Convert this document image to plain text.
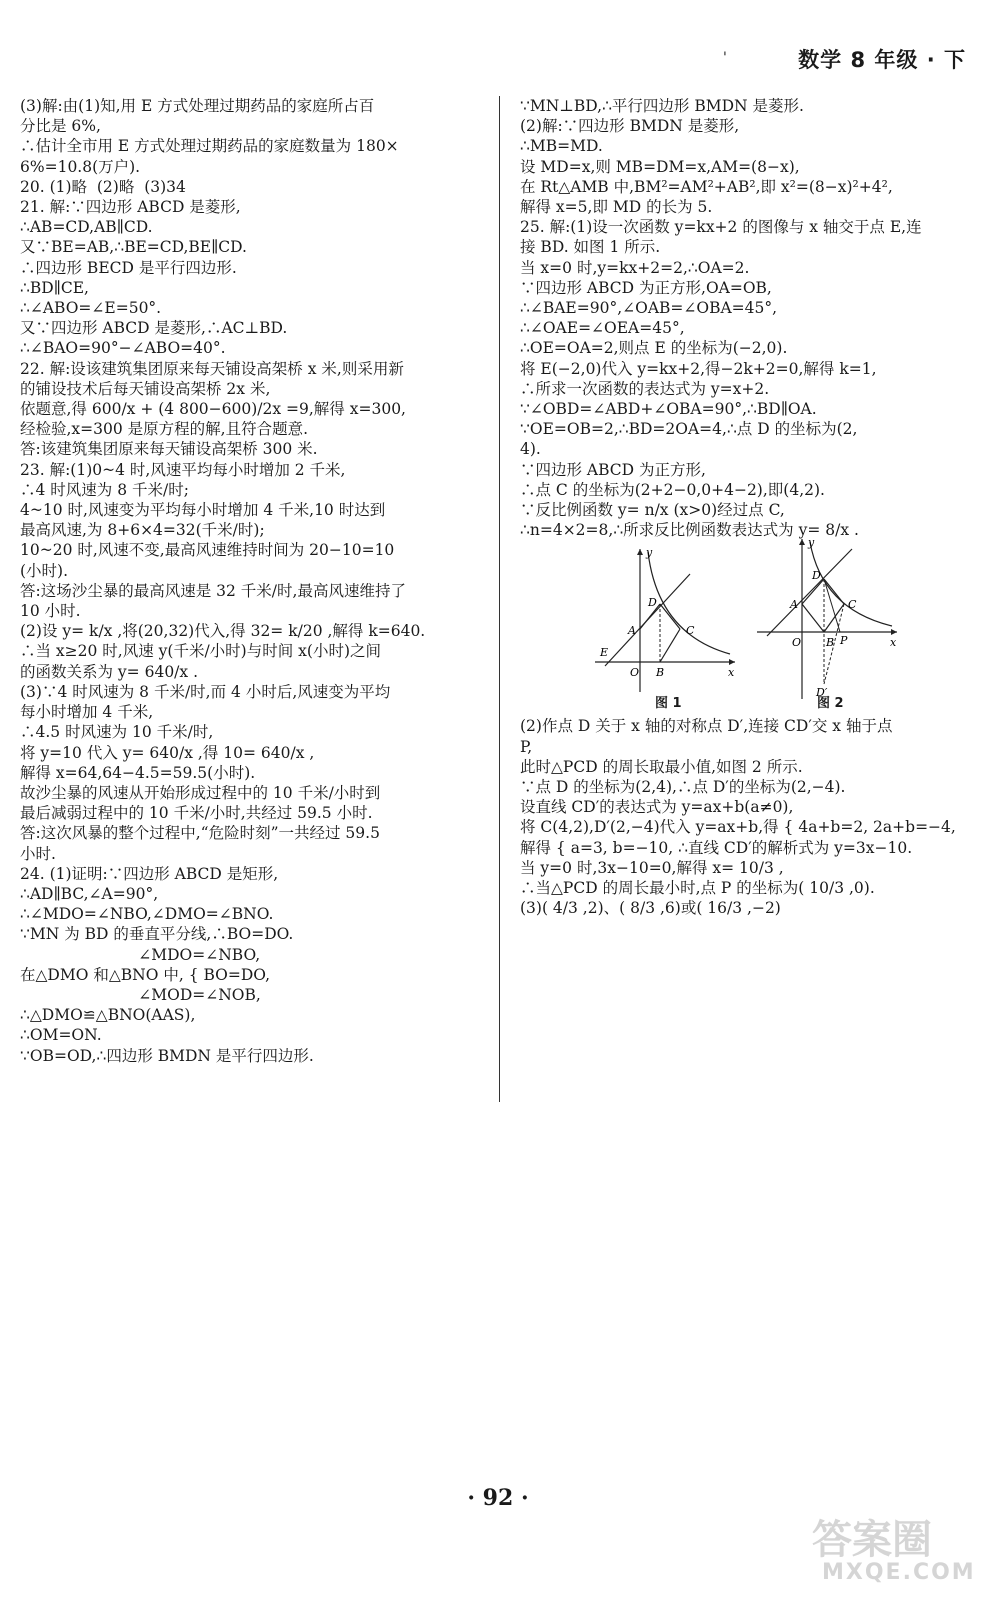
'	数学 8 年级 · 下
(3)解:由(1)知,用 E 方式处理过期药品的家庭所占百
分比是 6%,
∴估计全市用 E 方式处理过期药品的家庭数量为 180×
6%=10.8(万户).
20. (1)略  (2)略  (3)34
21. 解:∵四边形 ABCD 是菱形,
∴AB=CD,AB∥CD.
又∵BE=AB,∴BE=CD,BE∥CD.
∴四边形 BECD 是平行四边形.
∴BD∥CE,
∴∠ABO=∠E=50°.
又∵四边形 ABCD 是菱形,∴AC⊥BD.
∴∠BAO=90°−∠ABO=40°.
22. 解:设该建筑集团原来每天铺设高架桥 x 米,则采用新
的铺设技术后每天铺设高架桥 2x 米,
依题意,得 600/x + (4 800−600)/2x =9,解得 x=300,
经检验,x=300 是原方程的解,且符合题意.
答:该建筑集团原来每天铺设高架桥 300 米.
23. 解:(1)0~4 时,风速平均每小时增加 2 千米,
∴4 时风速为 8 千米/时;
4~10 时,风速变为平均每小时增加 4 千米,10 时达到
最高风速,为 8+6×4=32(千米/时);
10~20 时,风速不变,最高风速维持时间为 20−10=10
(小时).
答:这场沙尘暴的最高风速是 32 千米/时,最高风速维持了
10 小时.
(2)设 y= k/x ,将(20,32)代入,得 32= k/20 ,解得 k=640.
∴当 x≥20 时,风速 y(千米/小时)与时间 x(小时)之间
的函数关系为 y= 640/x .
(3)∵4 时风速为 8 千米/时,而 4 小时后,风速变为平均
每小时增加 4 千米,
∴4.5 时风速为 10 千米/时,
将 y=10 代入 y= 640/x ,得 10= 640/x ,
解得 x=64,64−4.5=59.5(小时).
故沙尘暴的风速从开始形成过程中的 10 千米/小时到
最后减弱过程中的 10 千米/小时,共经过 59.5 小时.
答:这次风暴的整个过程中,“危险时刻”一共经过 59.5
小时.
24. (1)证明:∵四边形 ABCD 是矩形,
∴AD∥BC,∠A=90°,
∴∠MDO=∠NBO,∠DMO=∠BNO.
∵MN 为 BD 的垂直平分线,∴BO=DO.
∠MDO=∠NBO,
在△DMO 和△BNO 中, { BO=DO,
∠MOD=∠NOB,
∴△DMO≌△BNO(AAS),
∴OM=ON.
∵OB=OD,∴四边形 BMDN 是平行四边形.
∵MN⊥BD,∴平行四边形 BMDN 是菱形.
(2)解:∵四边形 BMDN 是菱形,
∴MB=MD.
设 MD=x,则 MB=DM=x,AM=(8−x),
在 Rt△AMB 中,BM²=AM²+AB²,即 x²=(8−x)²+4²,
解得 x=5,即 MD 的长为 5.
25. 解:(1)设一次函数 y=kx+2 的图像与 x 轴交于点 E,连
接 BD. 如图 1 所示.
当 x=0 时,y=kx+2=2,∴OA=2.
∵四边形 ABCD 为正方形,OA=OB,
∴∠BAE=90°,∠OAB=∠OBA=45°,
∴∠OAE=∠OEA=45°,
∴OE=OA=2,则点 E 的坐标为(−2,0).
将 E(−2,0)代入 y=kx+2,得−2k+2=0,解得 k=1,
∴所求一次函数的表达式为 y=x+2.
∵∠OBD=∠ABD+∠OBA=90°,∴BD∥OA.
∵OE=OB=2,∴BD=2OA=4,∴点 D 的坐标为(2,
4).
∵四边形 ABCD 为正方形,
∴点 C 的坐标为(2+2−0,0+4−2),即(4,2).
∵反比例函数 y= n/x (x>0)经过点 C,
∴n=4×2=8,∴所求反比例函数表达式为 y= 8/x .
y
x
O
A
B
C
D
E
图 1
y
x
O
A
B
C
D
P
D′
图 2
(2)作点 D 关于 x 轴的对称点 D′,连接 CD′交 x 轴于点
P,
此时△PCD 的周长取最小值,如图 2 所示.
∵点 D 的坐标为(2,4),∴点 D′的坐标为(2,−4).
设直线 CD′的表达式为 y=ax+b(a≠0),
将 C(4,2),D′(2,−4)代入 y=ax+b,得 { 4a+b=2, 2a+b=−4,
解得 { a=3, b=−10, ∴直线 CD′的解析式为 y=3x−10.
当 y=0 时,3x−10=0,解得 x= 10/3 ,
∴当△PCD 的周长最小时,点 P 的坐标为( 10/3 ,0).
(3)( 4/3 ,2)、( 8/3 ,6)或( 16/3 ,−2)
· 92 ·
答案圈
MXQE.COM
